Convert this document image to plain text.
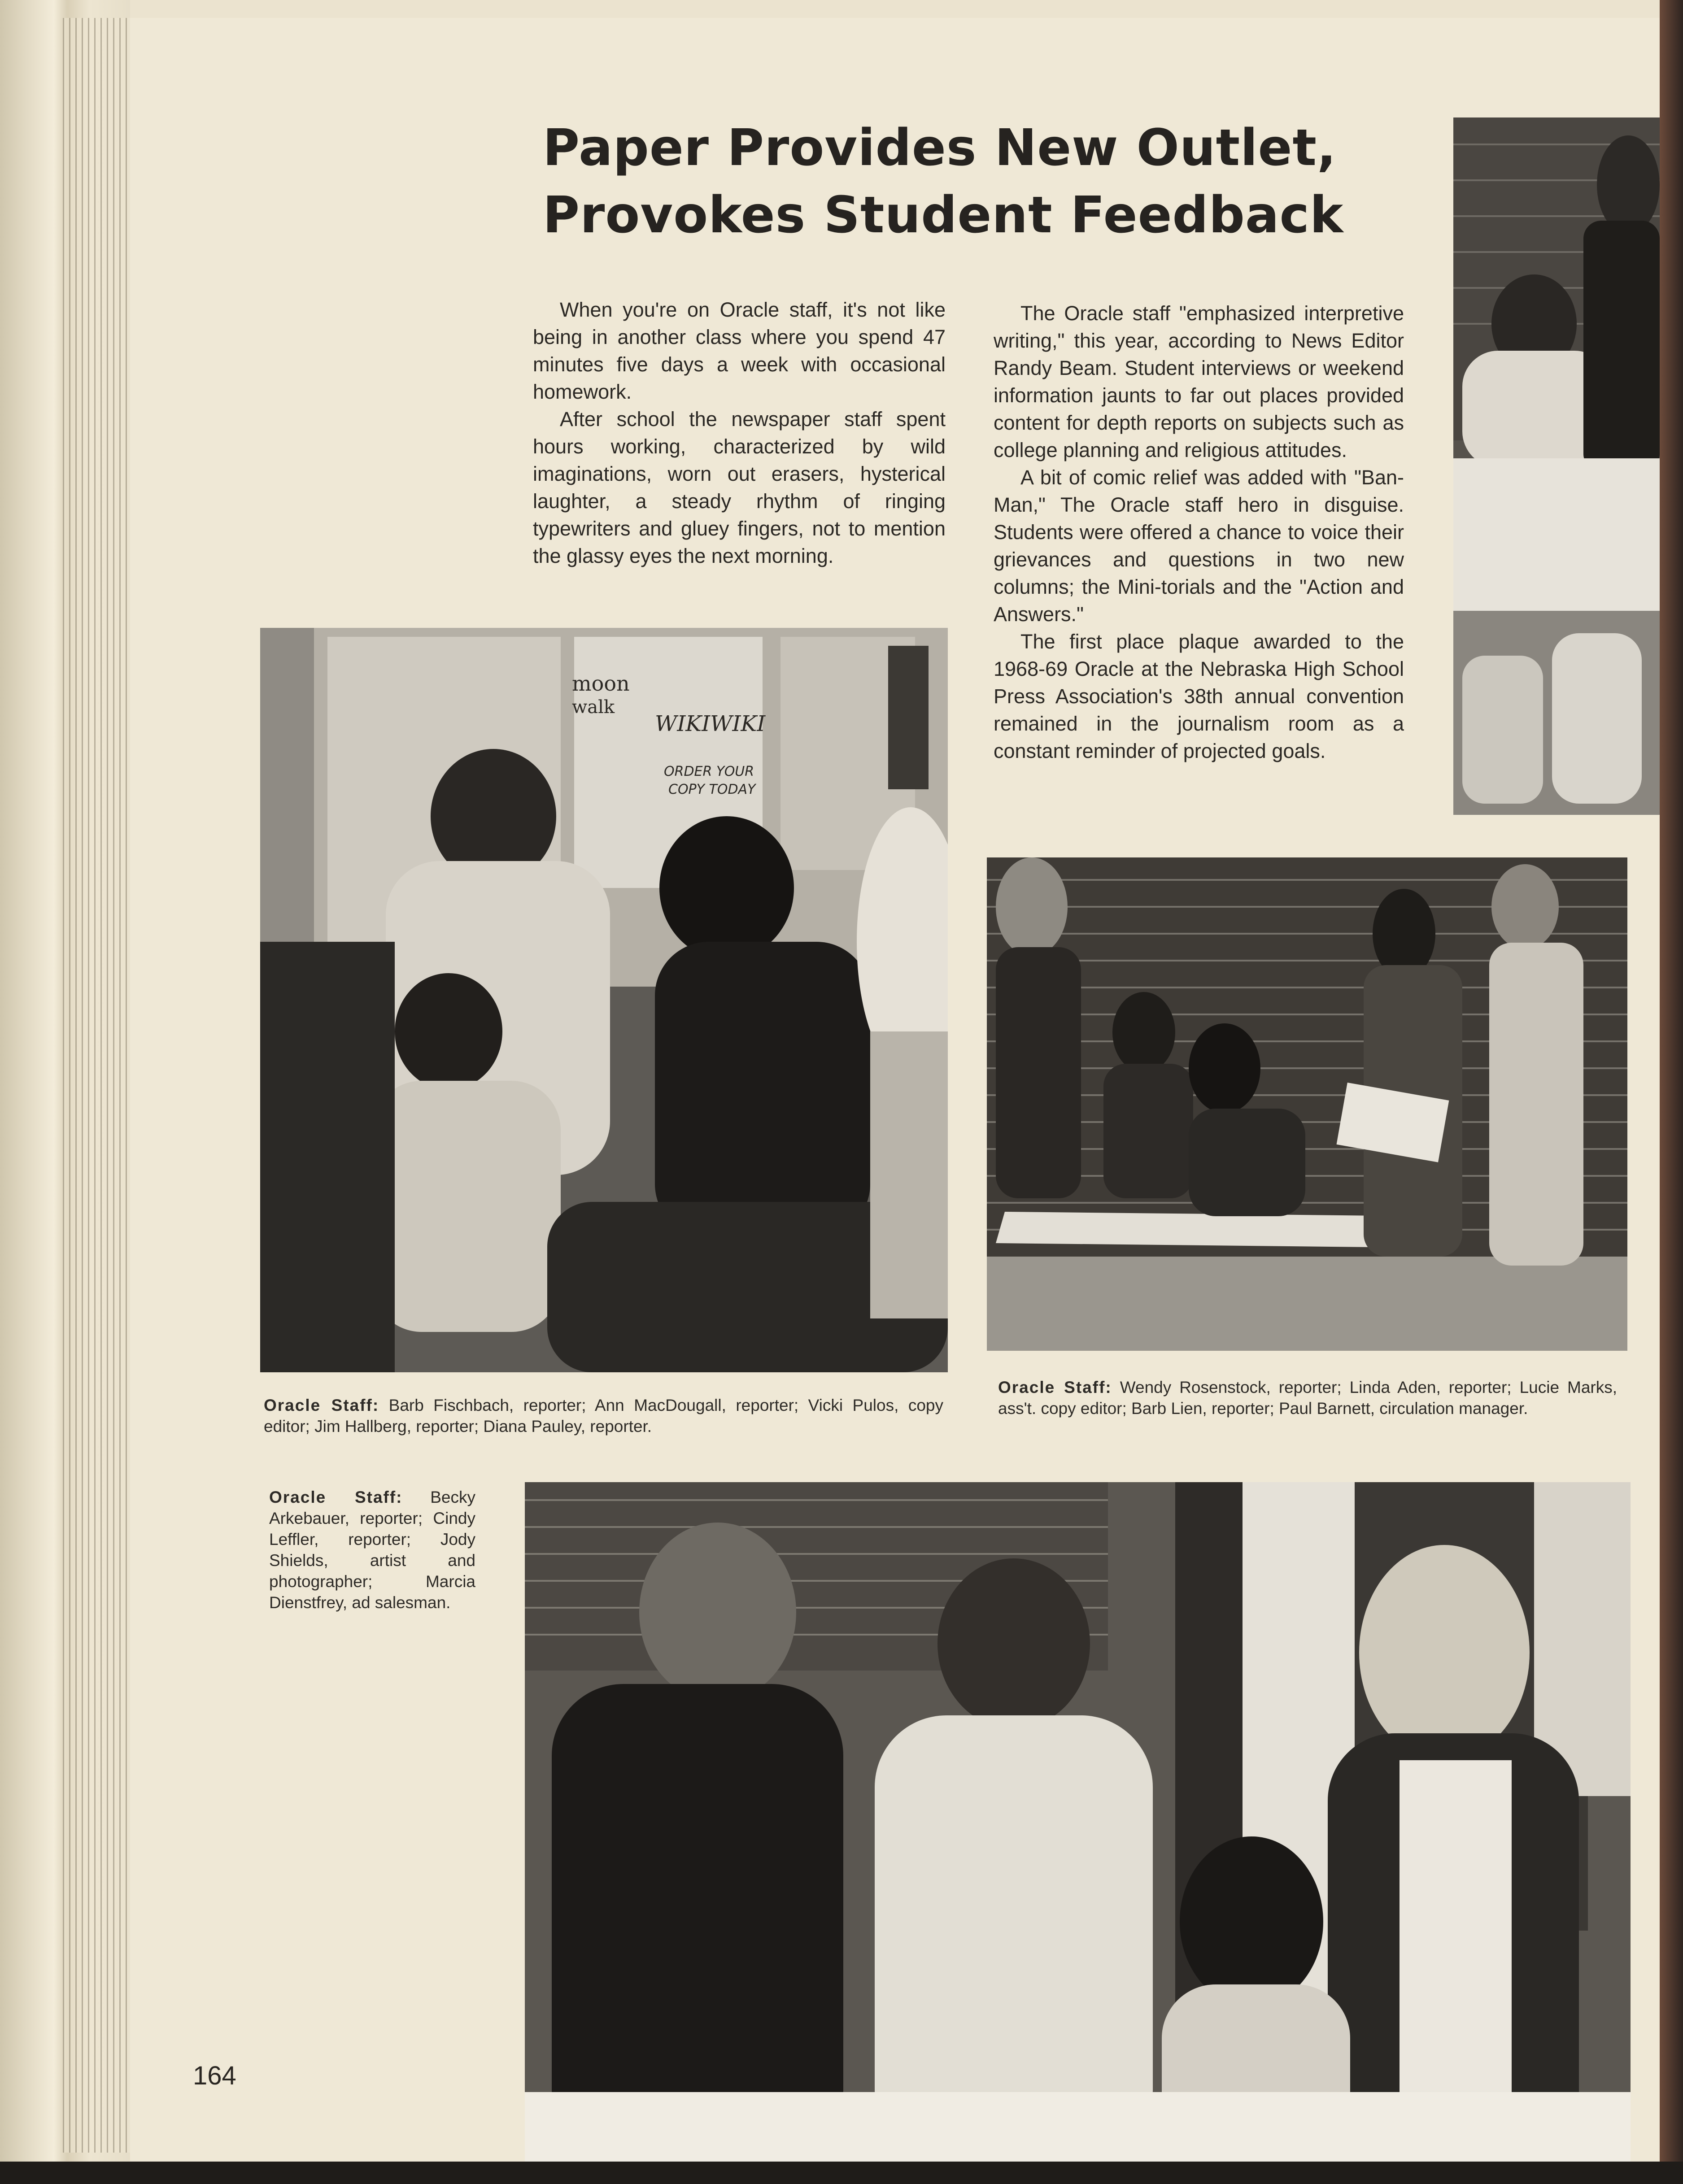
Paper Provides New Outlet,
Provokes Student Feedback

When you're on Oracle staff, it's not like being in another class where you spend 47 minutes five days a week with occasional homework.

After school the newspaper staff spent hours working, characterized by wild imaginations, worn out erasers, hysterical laughter, a steady rhythm of ringing typewriters and gluey fingers, not to mention the glassy eyes the next morning.

The Oracle staff "emphasized interpretive writing," this year, according to News Editor Randy Beam. Student interviews or weekend information jaunts to far out places provided content for depth reports on subjects such as college planning and religious attitudes.

A bit of comic relief was added with "Ban-Man," The Oracle staff hero in disguise. Students were offered a chance to voice their grievances and questions in two new columns; the Mini-torials and the "Action and Answers."

The first place plaque awarded to the 1968-69 Oracle at the Nebraska High School Press Association's 38th annual convention remained in the journalism room as a constant reminder of projected goals.

moon
walk
WIKIWIKI
ORDER YOUR
COPY TODAY

Oracle Staff: Barb Fischbach, reporter; Ann MacDougall, reporter; Vicki Pulos, copy editor; Jim Hallberg, reporter; Diana Pauley, reporter.

Oracle Staff: Wendy Rosenstock, reporter; Linda Aden, reporter; Lucie Marks, ass't. copy editor; Barb Lien, reporter; Paul Barnett, circulation manager.

Oracle Staff: Becky Arkebauer, reporter; Cindy Leffler, reporter; Jody Shields, artist and photographer; Marcia Dienstfrey, ad salesman.

164
